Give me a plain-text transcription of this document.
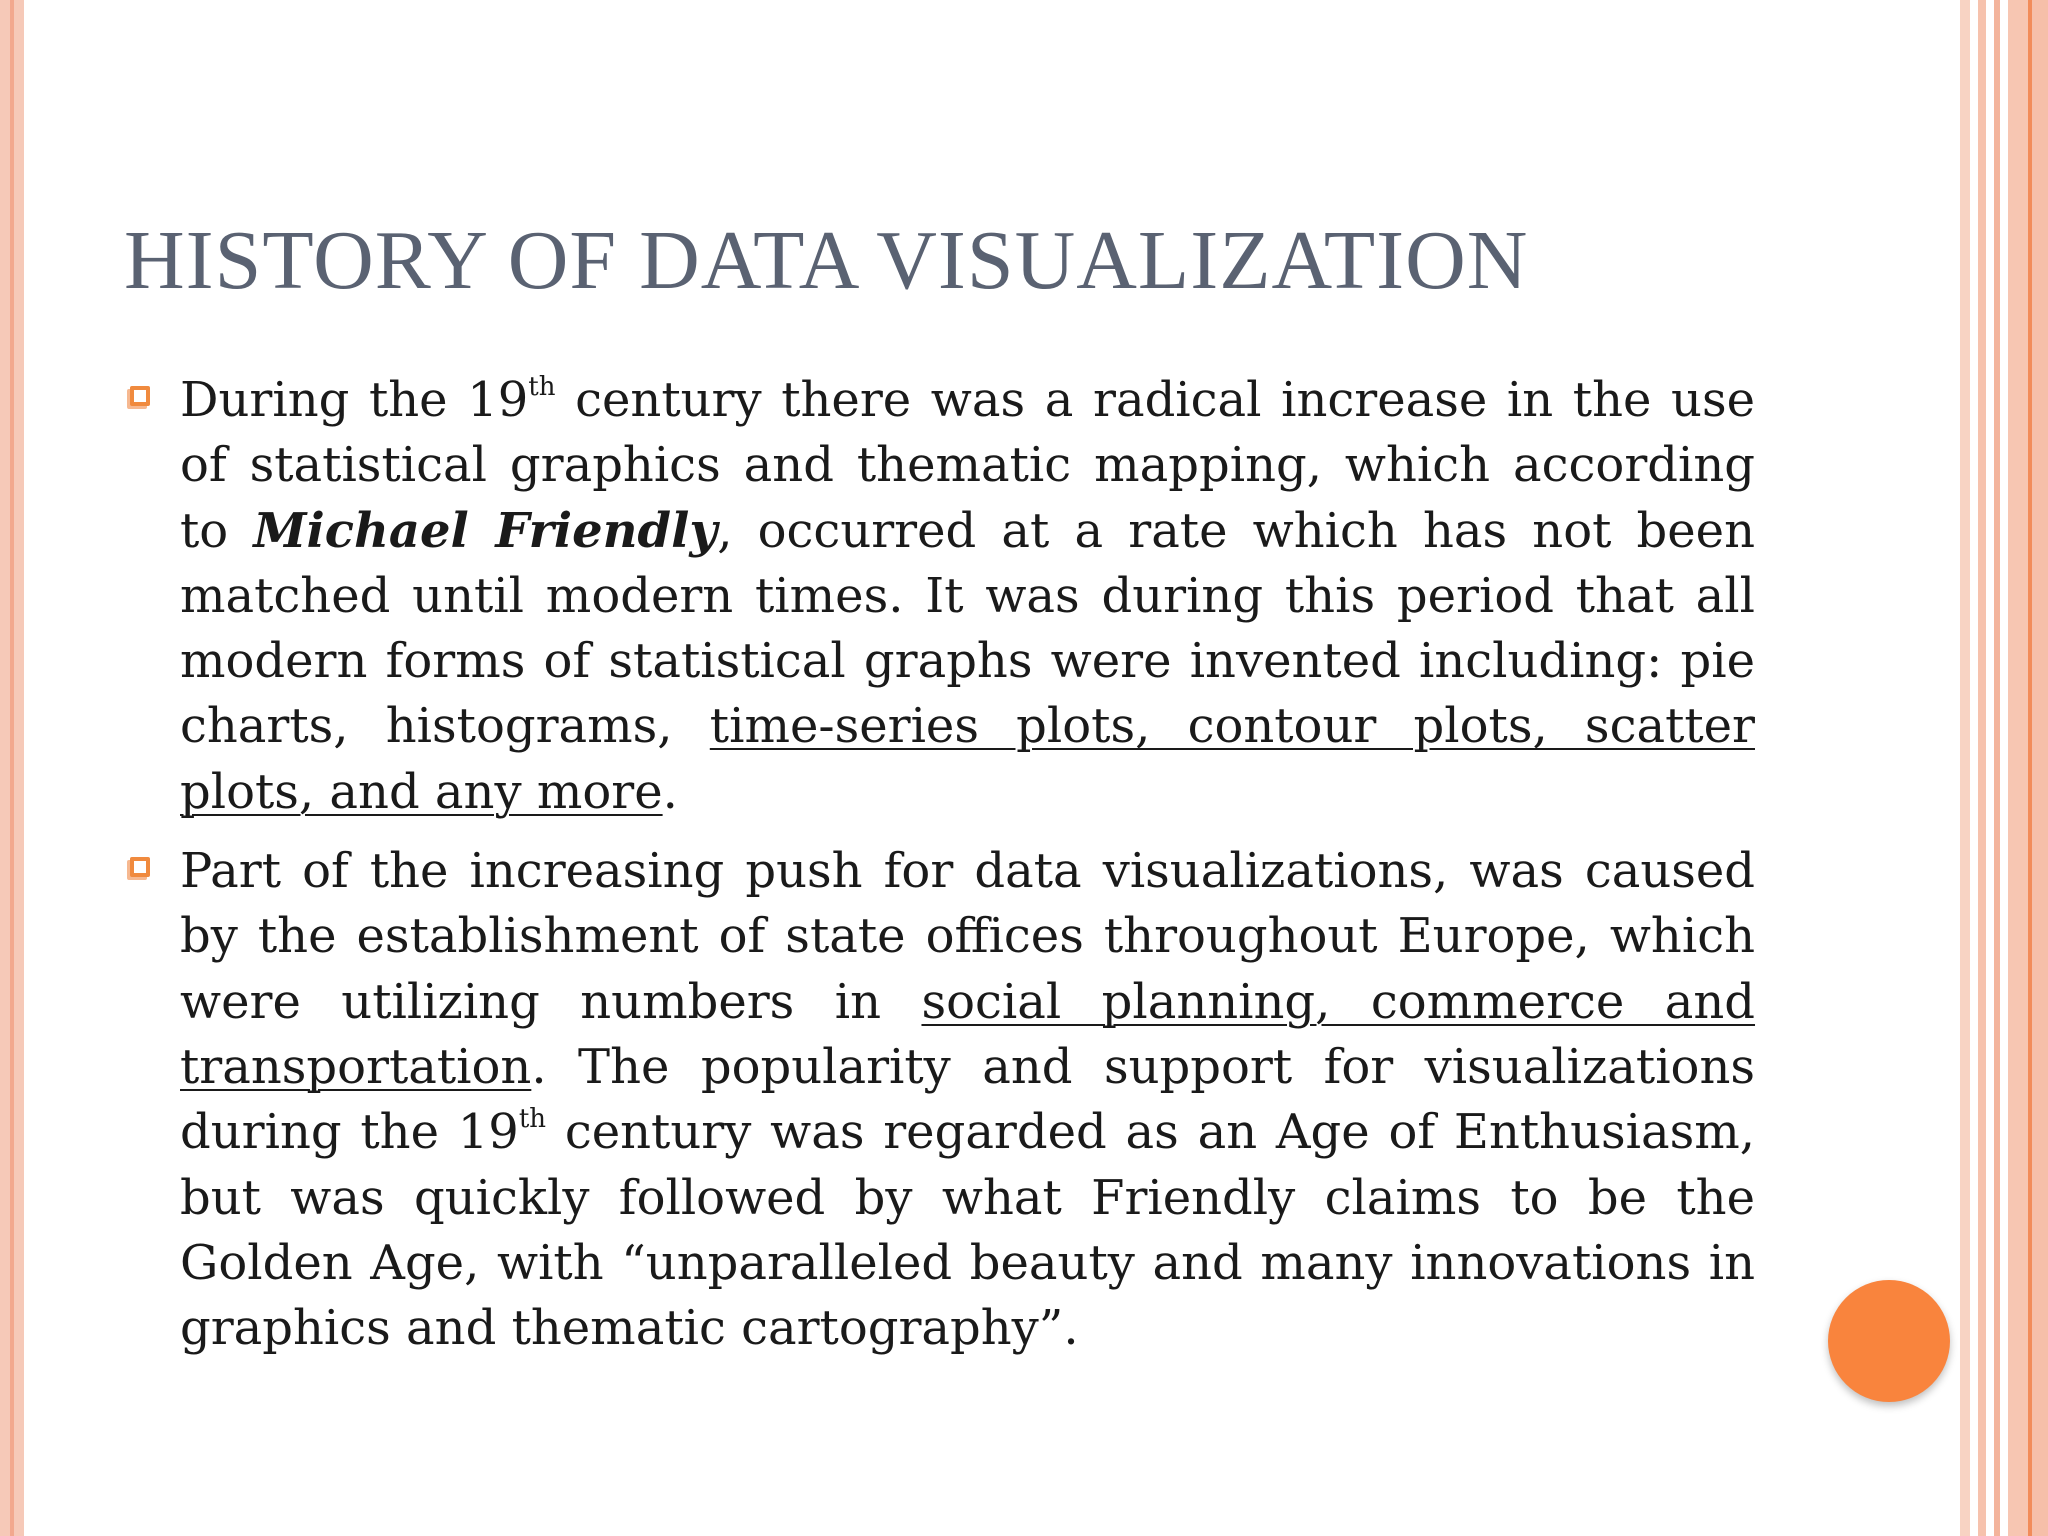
HISTORY OF DATA VISUALIZATION

During the 19th century there was a radical increase in the use of statistical graphics and thematic mapping, which according to Michael Friendly, occurred at a rate which has not been matched until modern times. It was during this period that all modern forms of statistical graphs were invented including: pie charts, histograms, time-series plots, contour plots, scatter plots, and any more.

Part of the increasing push for data visualizations, was caused by the establishment of state offices throughout Europe, which were utilizing numbers in social planning, commerce and transportation. The popularity and support for visualizations during the 19th century was regarded as an Age of Enthusiasm, but was quickly followed by what Friendly claims to be the Golden Age, with “unparalleled beauty and many innovations in graphics and thematic cartography”.
